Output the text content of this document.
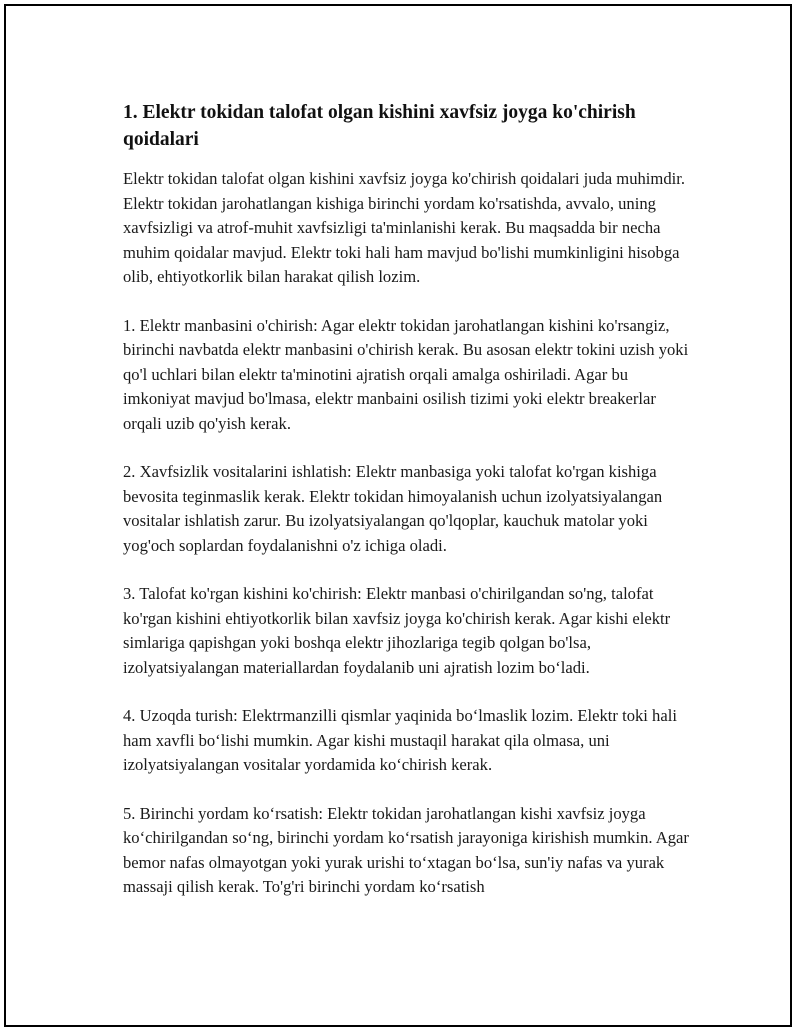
1. Elektr tokidan talofat olgan kishini xavfsiz joyga ko'chirish qoidalari

Elektr tokidan talofat olgan kishini xavfsiz joyga ko'chirish qoidalari juda muhimdir. Elektr tokidan jarohatlangan kishiga birinchi yordam ko'rsatishda, avvalo, uning xavfsizligi va atrof-muhit xavfsizligi ta'minlanishi kerak. Bu maqsadda bir necha muhim qoidalar mavjud. Elektr toki hali ham mavjud bo'lishi mumkinligini hisobga olib, ehtiyotkorlik bilan harakat qilish lozim.

1. Elektr manbasini o'chirish: Agar elektr tokidan jarohatlangan kishini ko'rsangiz, birinchi navbatda elektr manbasini o'chirish kerak. Bu asosan elektr tokini uzish yoki qo'l uchlari bilan elektr ta'minotini ajratish orqali amalga oshiriladi. Agar bu imkoniyat mavjud bo'lmasa, elektr manbaini osilish tizimi yoki elektr breakerlar orqali uzib qo'yish kerak.

2. Xavfsizlik vositalarini ishlatish: Elektr manbasiga yoki talofat ko'rgan kishiga bevosita teginmaslik kerak. Elektr tokidan himoyalanish uchun izolyatsiyalangan vositalar ishlatish zarur. Bu izolyatsiyalangan qo'lqoplar, kauchuk matolar yoki yog'och soplardan foydalanishni o'z ichiga oladi.

3. Talofat ko'rgan kishini ko'chirish: Elektr manbasi o'chirilgandan so'ng, talofat ko'rgan kishini ehtiyotkorlik bilan xavfsiz joyga ko'chirish kerak. Agar kishi elektr simlariga qapishgan yoki boshqa elektr jihozlariga tegib qolgan bo'lsa, izolyatsiyalangan materiallardan foydalanib uni ajratish lozim bo‘ladi.

4. Uzoqda turish: Elektrmanzilli qismlar yaqinida bo‘lmaslik lozim. Elektr toki hali ham xavfli bo‘lishi mumkin. Agar kishi mustaqil harakat qila olmasa, uni izolyatsiyalangan vositalar yordamida ko‘chirish kerak.

5. Birinchi yordam ko‘rsatish: Elektr tokidan jarohatlangan kishi xavfsiz joyga ko‘chirilgandan so‘ng, birinchi yordam ko‘rsatish jarayoniga kirishish mumkin. Agar bemor nafas olmayotgan yoki yurak urishi to‘xtagan bo‘lsa, sun'iy nafas va yurak massaji qilish kerak. To'g'ri birinchi yordam ko‘rsatish
